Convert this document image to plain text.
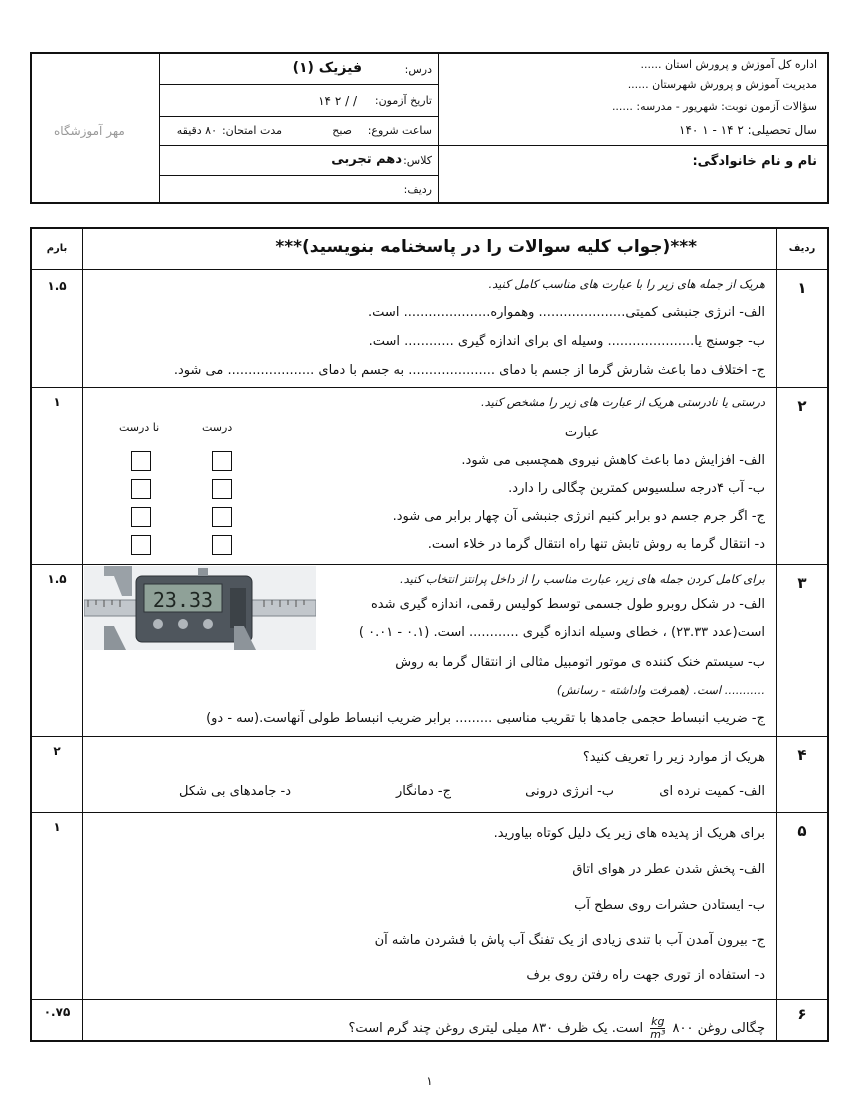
اداره کل آموزش و پرورش استان ......
مدیریت آموزش و پرورش شهرستان ......
سؤالات آزمون نوبت: شهریور - مدرسه: ......
سال تحصیلی: ۲ ۱۴ - ۱ ۱۴۰
نام و نام خانوادگی:
درس:
فیزیک (۱)
تاریخ آزمون:
/ / ۲ ۱۴
ساعت شروع:
صبح
مدت امتحان:
۸۰ دقیقه
کلاس:
دهم تجربی
ردیف:
مهر آموزشگاه
ردیف
***(جواب کلیه سوالات را در پاسخنامه بنویسید)***
بارم
۱
۱.۵	هریک از جمله های زیر را با عبارت های مناسب کامل کنید.
الف- انرژی جنبشی کمیتی..................... وهمواره..................... است.
ب- جوسنج یا..................... وسیله ای برای اندازه گیری ............ است.
ج- اختلاف دما باعث شارش گرما از جسم با دمای ..................... به جسم با دمای ..................... می شود.
۲
۱	درستی یا نادرستی هریک از عبارت های زیر را مشخص کنید.
عبارت
درست
نا درست
الف- افزایش دما باعث کاهش نیروی همچسبی می شود.
ب- آب ۴درجه سلسیوس کمترین چگالی را دارد.
ج- اگر جرم جسم دو برابر کنیم انرژی جنبشی آن چهار برابر می شود.
د- انتقال گرما به روش تابش تنها راه انتقال گرما در خلاء است.
۳
۱.۵	برای کامل کردن جمله های زیر، عبارت مناسب را از داخل پرانتز انتخاب کنید.
الف- در شکل روبرو طول جسمی توسط کولیس رقمی، اندازه گیری شده
است(عدد ۲۳.۳۳) ، خطای وسیله اندازه گیری ............ است. (۰.۱ - ۰.۰۱ )
ب- سیستم خنک کننده ی موتور اتومبیل مثالی از انتقال گرما به روش
........... است. (همرفت واداشته - رسانش)
ج- ضریب انبساط حجمی جامدها با تقریب مناسبی ......... برابر ضریب انبساط طولی آنهاست.(سه - دو)
23.33
۴
۲	هریک از موارد زیر را تعریف کنید؟
الف- کمیت نرده ای
ب- انرژی درونی
ج- دمانگار
د- جامدهای بی شکل
۵
۱	برای هریک از پدیده های زیر یک دلیل کوتاه بیاورید.
الف- پخش شدن عطر در هوای اتاق
ب- ایستادن حشرات روی سطح آب
ج- بیرون آمدن آب با تندی زیادی از یک تفنگ آب پاش با فشردن ماشه آن
د- استفاده از توری جهت راه رفتن روی برف
۶
۰.۷۵
چگالی روغن ۸۰۰
$\frac{kg}{\text{m³}}$
است. یک ظرف ۸۳۰ میلی لیتری روغن چند گرم است؟
۱
